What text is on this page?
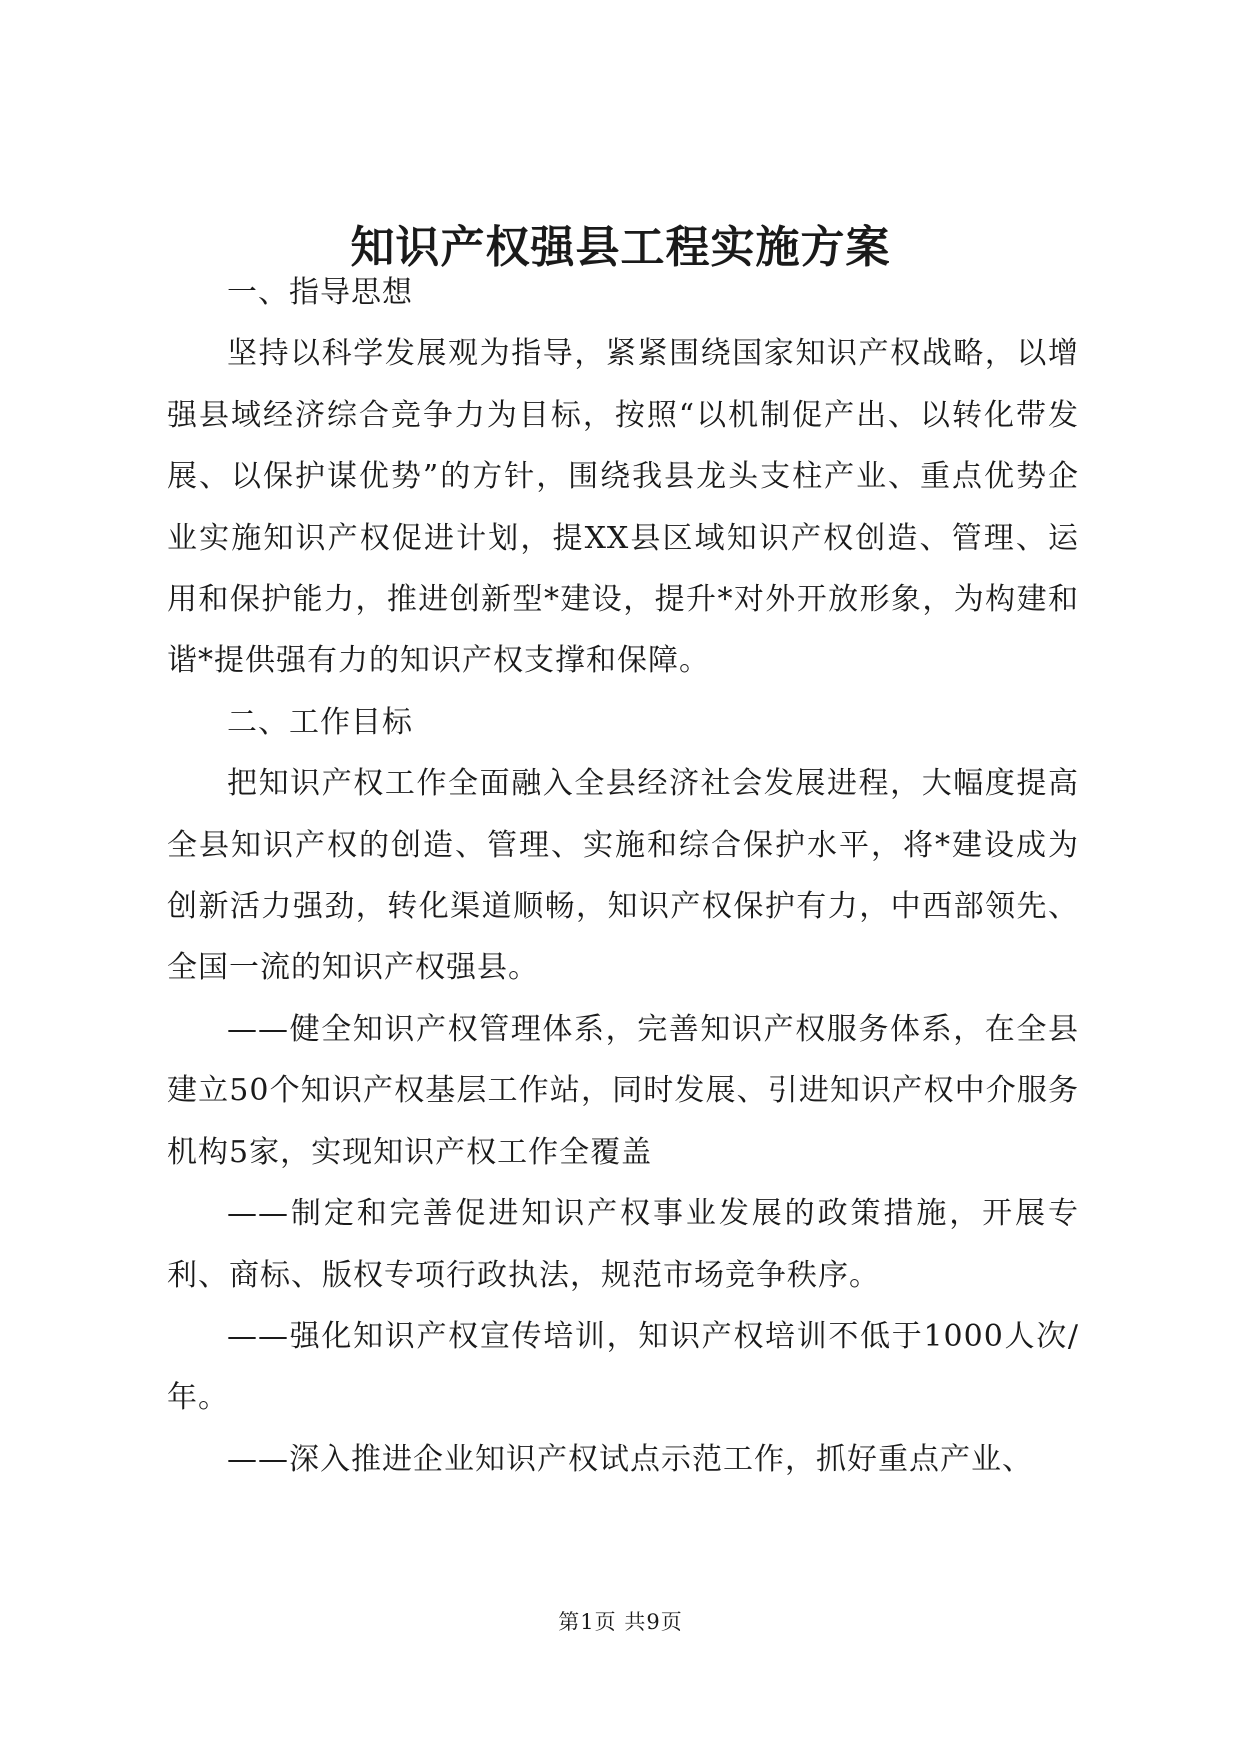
知识产权强县工程实施方案

一、指导思想

坚持以科学发展观为指导，紧紧围绕国家知识产权战略，以增强县域经济综合竞争力为目标，按照“以机制促产出、以转化带发展、以保护谋优势”的方针，围绕我县龙头支柱产业、重点优势企业实施知识产权促进计划，提XX县区域知识产权创造、管理、运用和保护能力，推进创新型*建设，提升*对外开放形象，为构建和谐*提供强有力的知识产权支撑和保障。

二、工作目标

把知识产权工作全面融入全县经济社会发展进程，大幅度提高全县知识产权的创造、管理、实施和综合保护水平，将*建设成为创新活力强劲，转化渠道顺畅，知识产权保护有力，中西部领先、全国一流的知识产权强县。

——健全知识产权管理体系，完善知识产权服务体系，在全县建立50个知识产权基层工作站，同时发展、引进知识产权中介服务机构5家，实现知识产权工作全覆盖

——制定和完善促进知识产权事业发展的政策措施，开展专利、商标、版权专项行政执法，规范市场竞争秩序。

——强化知识产权宣传培训，知识产权培训不低于1000人次/年。

——深入推进企业知识产权试点示范工作，抓好重点产业、

第1页 共9页
